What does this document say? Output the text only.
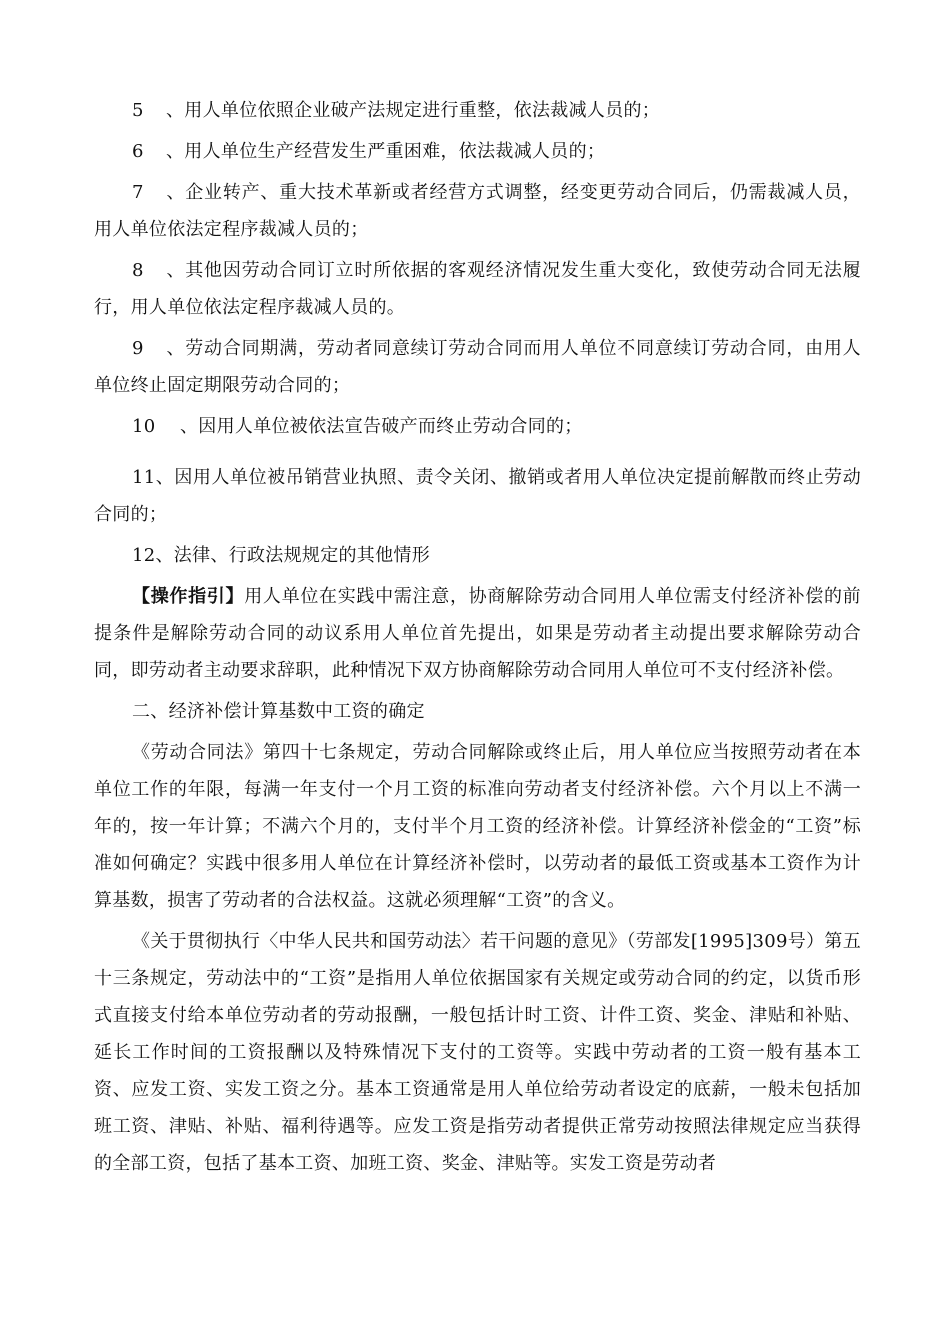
5 、用人单位依照企业破产法规定进行重整，依法裁减人员的；

6 、用人单位生产经营发生严重困难，依法裁减人员的；

7 、企业转产、重大技术革新或者经营方式调整，经变更劳动合同后，仍需裁减人员，用人单位依法定程序裁减人员的；

8 、其他因劳动合同订立时所依据的客观经济情况发生重大变化，致使劳动合同无法履行，用人单位依法定程序裁减人员的。

9 、劳动合同期满，劳动者同意续订劳动合同而用人单位不同意续订劳动合同，由用人单位终止固定期限劳动合同的；

10 、因用人单位被依法宣告破产而终止劳动合同的；

11、因用人单位被吊销营业执照、责令关闭、撤销或者用人单位决定提前解散而终止劳动合同的；

12、法律、行政法规规定的其他情形

【操作指引】用人单位在实践中需注意，协商解除劳动合同用人单位需支付经济补偿的前提条件是解除劳动合同的动议系用人单位首先提出，如果是劳动者主动提出要求解除劳动合同，即劳动者主动要求辞职，此种情况下双方协商解除劳动合同用人单位可不支付经济补偿。

二、经济补偿计算基数中工资的确定

《劳动合同法》第四十七条规定，劳动合同解除或终止后，用人单位应当按照劳动者在本单位工作的年限，每满一年支付一个月工资的标准向劳动者支付经济补偿。六个月以上不满一年的，按一年计算；不满六个月的，支付半个月工资的经济补偿。计算经济补偿金的“工资”标准如何确定？实践中很多用人单位在计算经济补偿时，以劳动者的最低工资或基本工资作为计算基数，损害了劳动者的合法权益。这就必须理解“工资”的含义。

《关于贯彻执行〈中华人民共和国劳动法〉若干问题的意见》（劳部发[1995]309号）第五十三条规定，劳动法中的“工资”是指用人单位依据国家有关规定或劳动合同的约定，以货币形式直接支付给本单位劳动者的劳动报酬，一般包括计时工资、计件工资、奖金、津贴和补贴、延长工作时间的工资报酬以及特殊情况下支付的工资等。实践中劳动者的工资一般有基本工资、应发工资、实发工资之分。基本工资通常是用人单位给劳动者设定的底薪，一般未包括加班工资、津贴、补贴、福利待遇等。应发工资是指劳动者提供正常劳动按照法律规定应当获得的全部工资，包括了基本工资、加班工资、奖金、津贴等。实发工资是劳动者
